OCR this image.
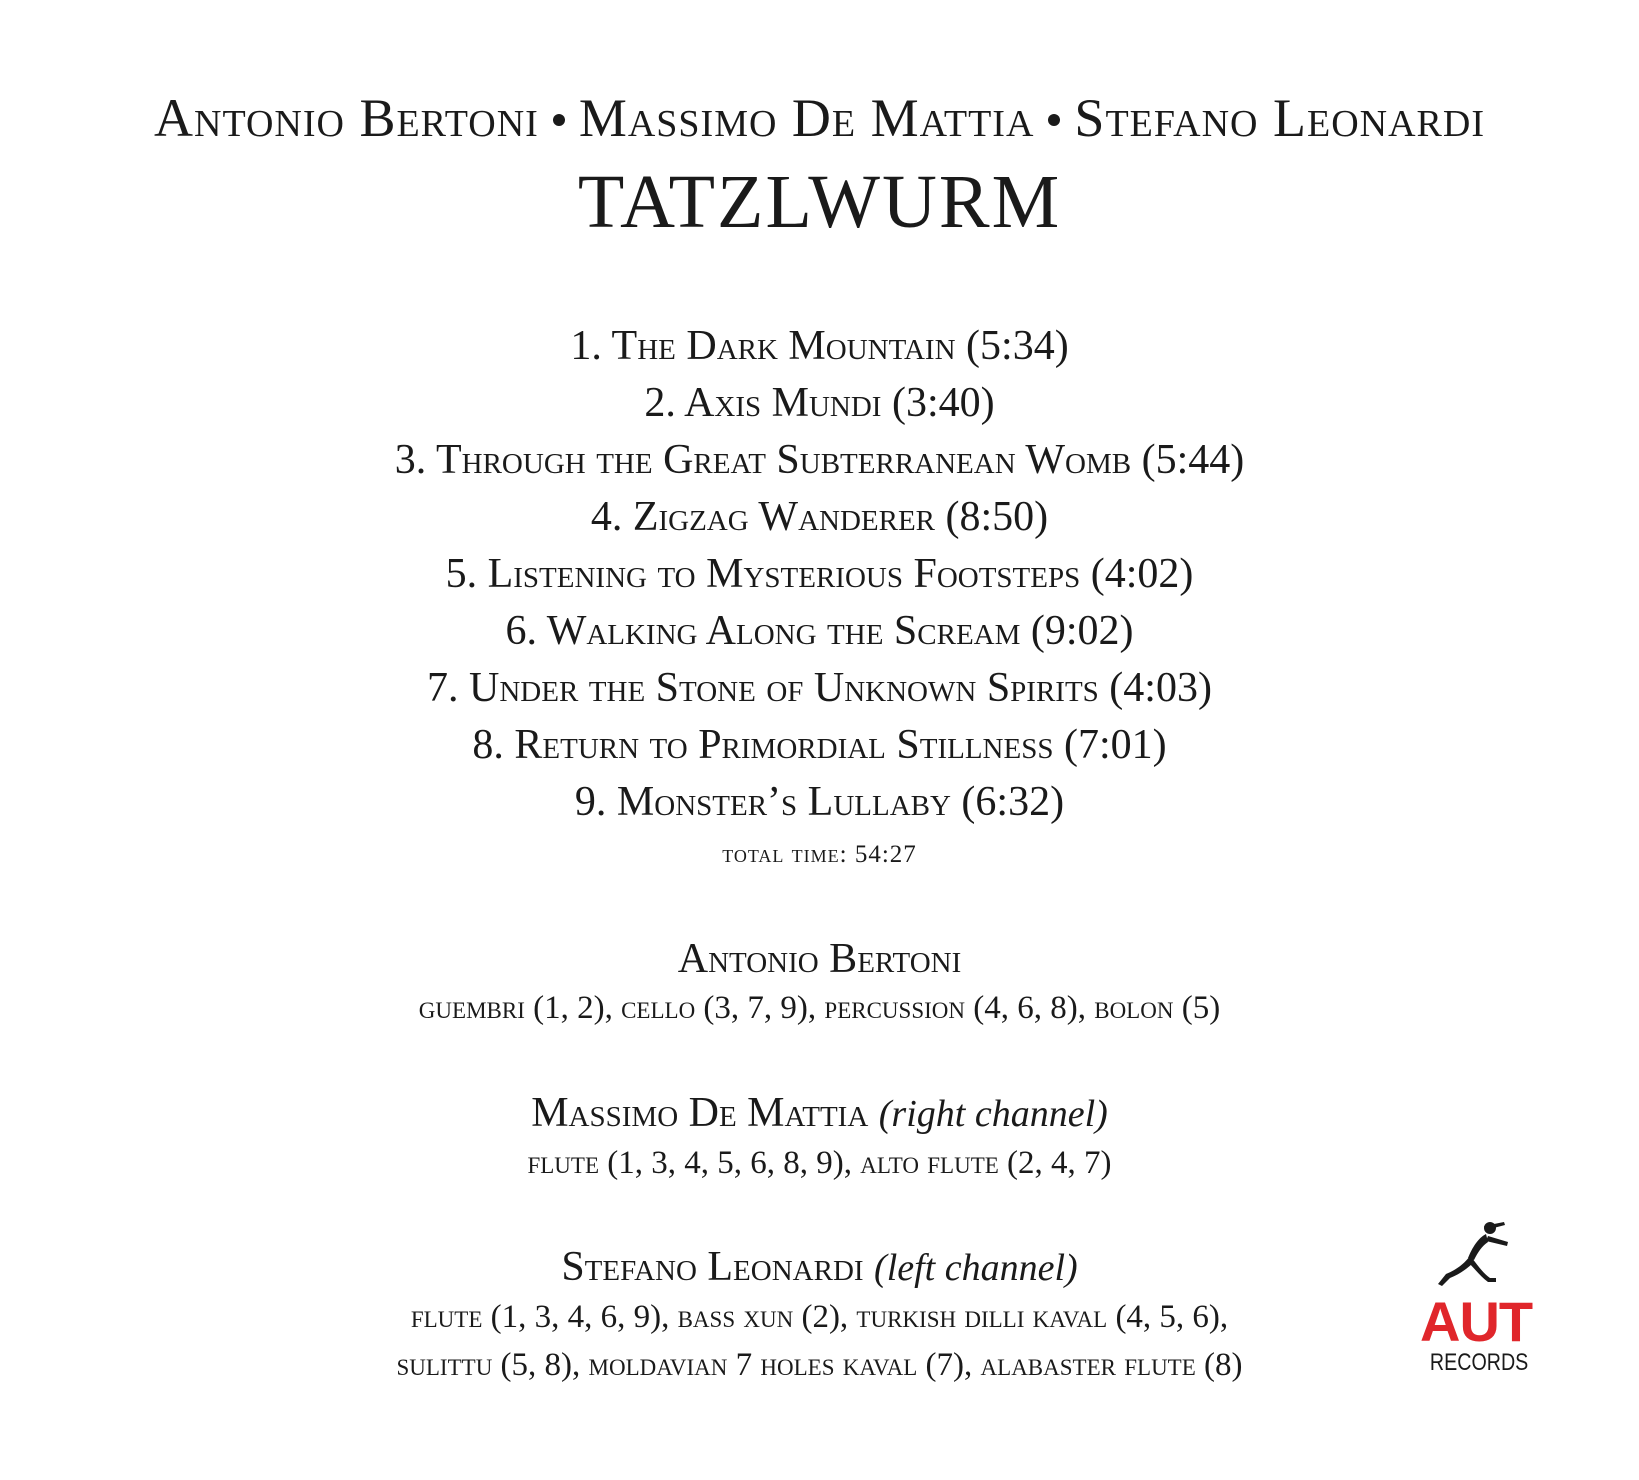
Antonio Bertoni Massimo De Mattia Stefano Leonardi
TATZLWURM
1. The Dark Mountain (5:34)
2. Axis Mundi (3:40)
3. Through the Great Subterranean Womb (5:44)
4. Zigzag Wanderer (8:50)
5. Listening to Mysterious Footsteps (4:02)
6. Walking Along the Scream (9:02)
7. Under the Stone of Unknown Spirits (4:03)
8. Return to Primordial Stillness (7:01)
9. Monster’s Lullaby (6:32)
total time: 54:27
Antonio Bertoni
guembri (1, 2), cello (3, 7, 9), percussion (4, 6, 8), bolon (5)
Massimo De Mattia (right channel)
flute (1, 3, 4, 5, 6, 8, 9), alto flute (2, 4, 7)
Stefano Leonardi (left channel)
flute (1, 3, 4, 6, 9), bass xun (2), turkish dilli kaval (4, 5, 6),
sulittu (5, 8), moldavian 7 holes kaval (7), alabaster flute (8)
AUT
RECORDS
